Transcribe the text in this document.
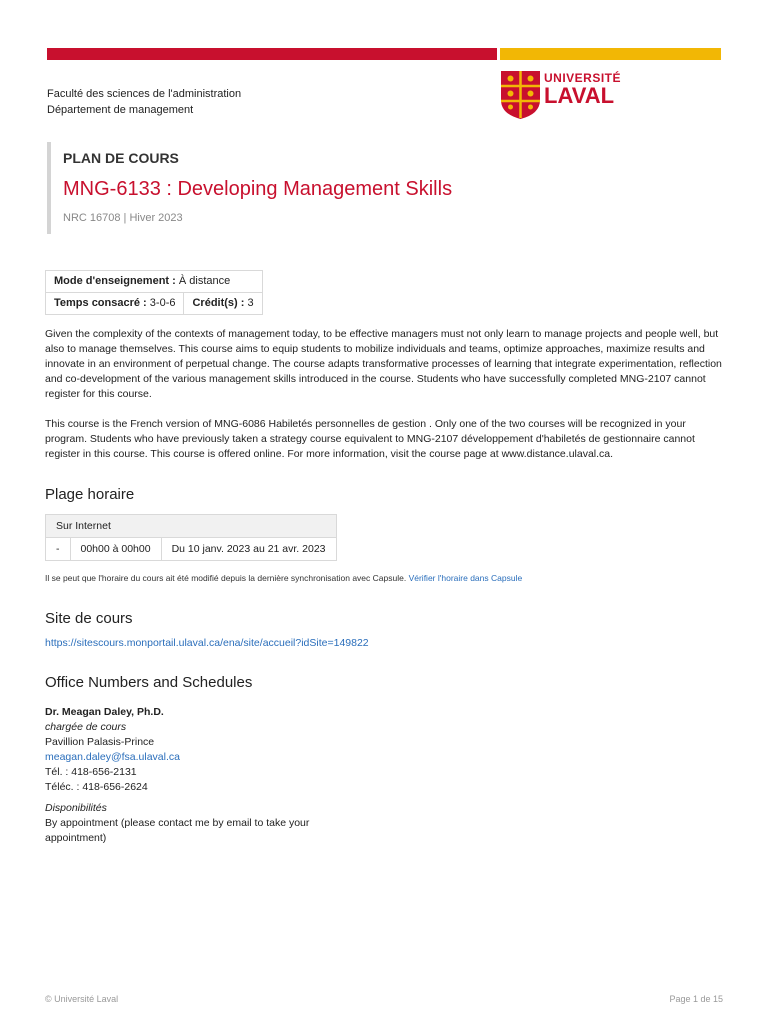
Faculté des sciences de l'administration
Département de management
UNIVERSITÉ
LAVAL
PLAN DE COURS
MNG-6133 : Developing Management Skills
NRC 16708 | Hiver 2023
Mode d'enseignement : À distance
Temps consacré : 3-0-6	Crédit(s) : 3

Given the complexity of the contexts of management today, to be effective managers must not only learn to manage projects and people well, but also to manage themselves. This course aims to equip students to mobilize individuals and teams, optimize approaches, maximize results and innovate in an environment of perpetual change. The course adapts transformative processes of learning that integrate experimentation, reflection and co-development of the various management skills introduced in the course. Students who have successfully completed MNG-2107 cannot register for this course.

This course is the French version of MNG-6086 Habiletés personnelles de gestion . Only one of the two courses will be recognized in your program. Students who have previously taken a strategy course equivalent to MNG-2107 développement d'habiletés de gestionnaire cannot register in this course. This course is offered online. For more information, visit the course page at www.distance.ulaval.ca.

Plage horaire
Sur Internet
-	00h00 à 00h00	Du 10 janv. 2023 au 21 avr. 2023
Il se peut que l'horaire du cours ait été modifié depuis la dernière synchronisation avec Capsule. Vérifier l'horaire dans Capsule
Site de cours
https://sitescours.monportail.ulaval.ca/ena/site/accueil?idSite=149822
Office Numbers and Schedules
Dr. Meagan Daley, Ph.D.
chargée de cours
Pavillion Palasis-Prince
meagan.daley@fsa.ulaval.ca
Tél. : 418-656-2131
Téléc. : 418-656-2624
Disponibilités
By appointment (please contact me by email to take your appointment)
© Université Laval	Page 1 de 15
